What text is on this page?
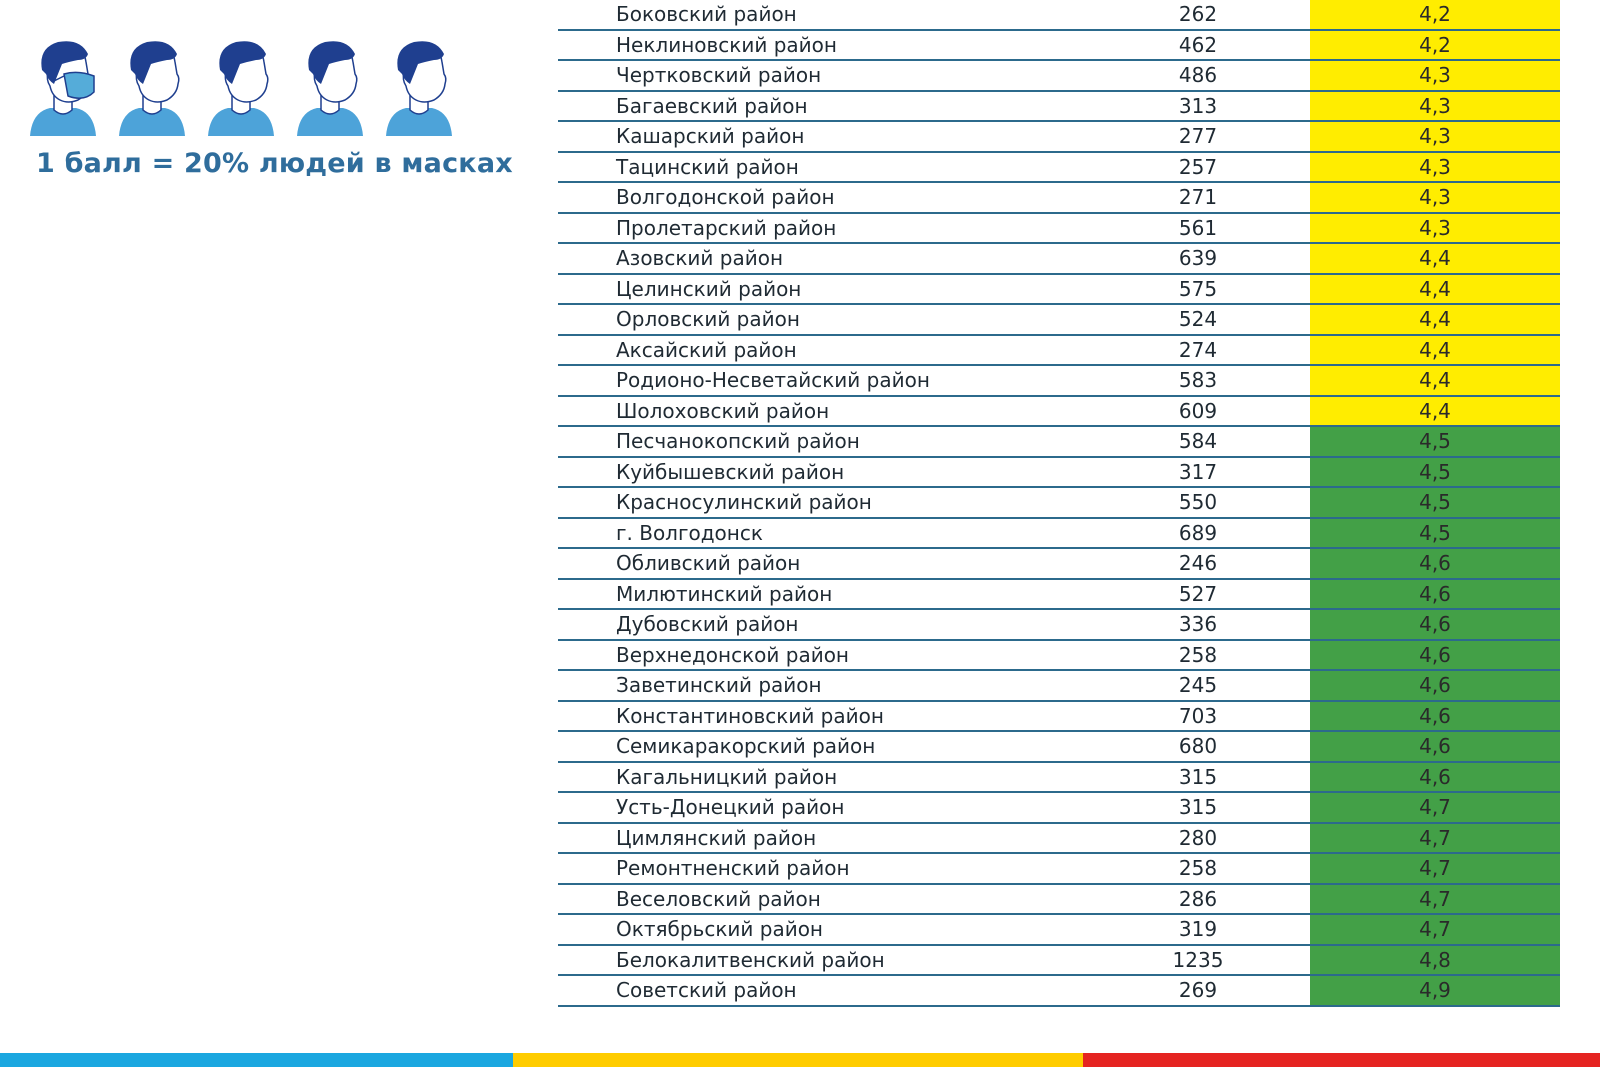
1 балл = 20% людей в масках
Боковский район	262	4,2
Неклиновский район	462	4,2
Чертковский район	486	4,3
Багаевский район	313	4,3
Кашарский район	277	4,3
Тацинский район	257	4,3
Волгодонской район	271	4,3
Пролетарский район	561	4,3
Азовский район	639	4,4
Целинский район	575	4,4
Орловский район	524	4,4
Аксайский район	274	4,4
Родионо-Несветайский район	583	4,4
Шолоховский район	609	4,4
Песчанокопский район	584	4,5
Куйбышевский район	317	4,5
Красносулинский район	550	4,5
г. Волгодонск	689	4,5
Обливский район	246	4,6
Милютинский район	527	4,6
Дубовский район	336	4,6
Верхнедонской район	258	4,6
Заветинский район	245	4,6
Константиновский район	703	4,6
Семикаракорский район	680	4,6
Кагальницкий район	315	4,6
Усть-Донецкий район	315	4,7
Цимлянский район	280	4,7
Ремонтненский район	258	4,7
Веселовский район	286	4,7
Октябрьский район	319	4,7
Белокалитвенский район	1235	4,8
Советский район	269	4,9
